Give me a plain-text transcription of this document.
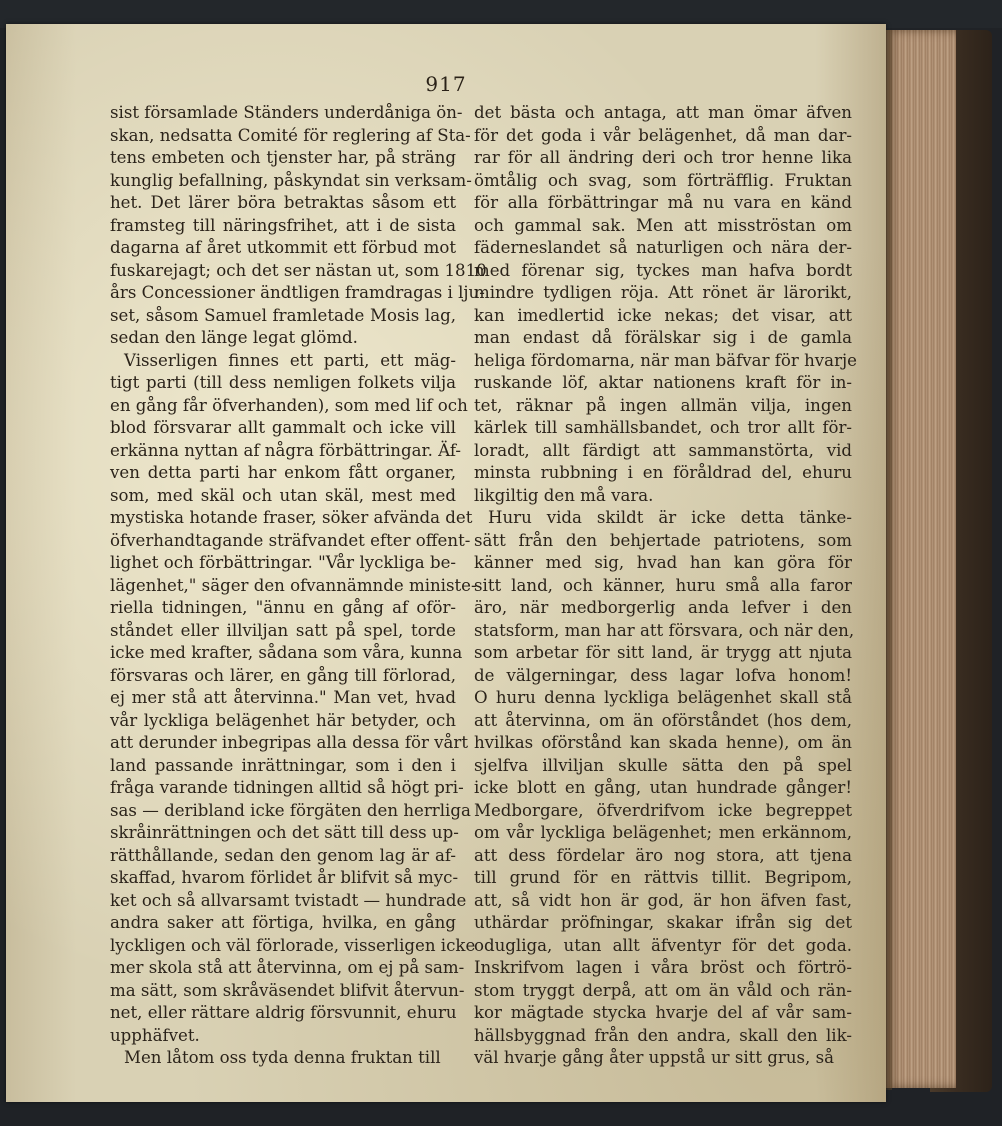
917
sist församlade Ständers underdåniga ön-
skan, nedsatta Comité för reglering af Sta-
tens embeten och tjenster har, på sträng
kunglig befallning, påskyndat sin verksam-
het. Det lärer böra betraktas såsom ett
framsteg till näringsfrihet, att i de sista
dagarna af året utkommit ett förbud mot
fuskarejagt; och det ser nästan ut, som 1810
års Concessioner ändtligen framdragas i lju-
set, såsom Samuel framletade Mosis lag,
sedan den länge legat glömd.
Visserligen finnes ett parti, ett mäg-
tigt parti (till dess nemligen folkets vilja
en gång får öfverhanden), som med lif och
blod försvarar allt gammalt och icke vill
erkänna nyttan af några förbättringar. Äf-
ven detta parti har enkom fått organer,
som, med skäl och utan skäl, mest med
mystiska hotande fraser, söker afvända det
öfverhandtagande sträfvandet efter offent-
lighet och förbättringar. "Vår lyckliga be-
lägenhet," säger den ofvannämnde ministe-
riella tidningen, "ännu en gång af oför-
ståndet eller illviljan satt på spel, torde
icke med krafter, sådana som våra, kunna
försvaras och lärer, en gång till förlorad,
ej mer stå att återvinna." Man vet, hvad
vår lyckliga belägenhet här betyder, och
att derunder inbegripas alla dessa för vårt
land passande inrättningar, som i den i
fråga varande tidningen alltid så högt pri-
sas — deribland icke förgäten den herrliga
skråinrättningen och det sätt till dess up-
rätthållande, sedan den genom lag är af-
skaffad, hvarom förlidet år blifvit så myc-
ket och så allvarsamt tvistadt — hundrade
andra saker att förtiga, hvilka, en gång
lyckligen och väl förlorade, visserligen icke
mer skola stå att återvinna, om ej på sam-
ma sätt, som skråväsendet blifvit återvun-
net, eller rättare aldrig försvunnit, ehuru
upphäfvet.
Men låtom oss tyda denna fruktan till
det bästa och antaga, att man ömar äfven
för det goda i vår belägenhet, då man dar-
rar för all ändring deri och tror henne lika
ömtålig och svag, som förträfflig. Fruktan
för alla förbättringar må nu vara en känd
och gammal sak. Men att misströstan om
fäderneslandet så naturligen och nära der-
med förenar sig, tyckes man hafva bordt
mindre tydligen röja. Att rönet är lärorikt,
kan imedlertid icke nekas; det visar, att
man endast då förälskar sig i de gamla
heliga fördomarna, när man bäfvar för hvarje
ruskande löf, aktar nationens kraft för in-
tet, räknar på ingen allmän vilja, ingen
kärlek till samhällsbandet, och tror allt för-
loradt, allt färdigt att sammanstörta, vid
minsta rubbning i en föråldrad del, ehuru
likgiltig den må vara.
Huru vida skildt är icke detta tänke-
sätt från den behjertade patriotens, som
känner med sig, hvad han kan göra för
sitt land, och känner, huru små alla faror
äro, när medborgerlig anda lefver i den
statsform, man har att försvara, och när den,
som arbetar för sitt land, är trygg att njuta
de välgerningar, dess lagar lofva honom!
O huru denna lyckliga belägenhet skall stå
att återvinna, om än oförståndet (hos dem,
hvilkas oförstånd kan skada henne), om än
sjelfva illviljan skulle sätta den på spel
icke blott en gång, utan hundrade gånger!
Medborgare, öfverdrifvom icke begreppet
om vår lyckliga belägenhet; men erkännom,
att dess fördelar äro nog stora, att tjena
till grund för en rättvis tillit. Begripom,
att, så vidt hon är god, är hon äfven fast,
uthärdar pröfningar, skakar ifrån sig det
odugliga, utan allt äfventyr för det goda.
Inskrifvom lagen i våra bröst och förtrö-
stom tryggt derpå, att om än våld och rän-
kor mägtade stycka hvarje del af vår sam-
hällsbyggnad från den andra, skall den lik-
väl hvarje gång åter uppstå ur sitt grus, så
